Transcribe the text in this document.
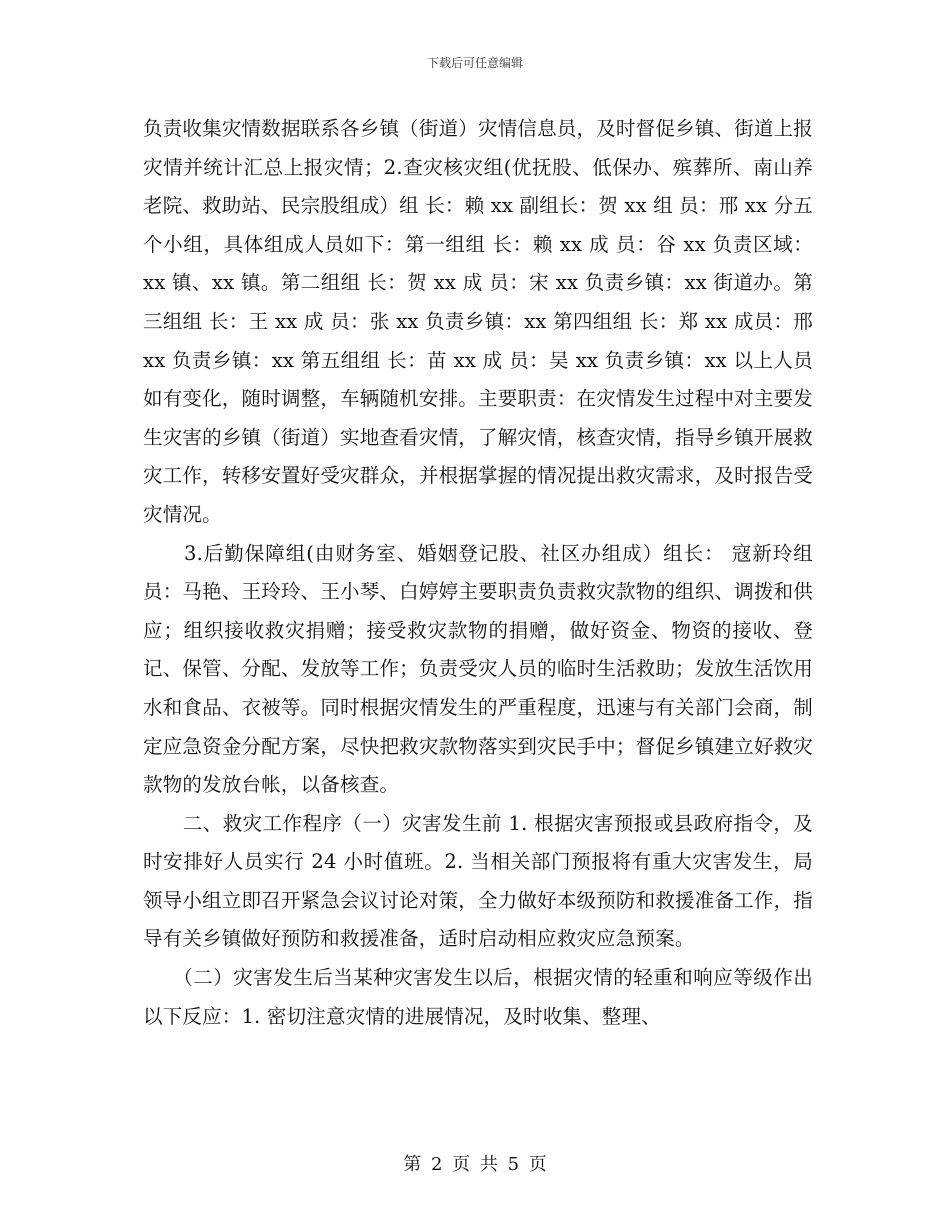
下载后可任意编辑

负责收集灾情数据联系各乡镇（街道）灾情信息员，及时督促乡镇、街道上报灾情并统计汇总上报灾情；2.查灾核灾组(优抚股、低保办、殡葬所、南山养老院、救助站、民宗股组成）组 长：赖 xx 副组长：贺 xx 组 员：邢 xx 分五个小组，具体组成人员如下：第一组组 长：赖 xx 成 员：谷 xx 负责区域：xx 镇、xx 镇。第二组组 长：贺 xx 成 员：宋 xx 负责乡镇：xx 街道办。第三组组 长：王 xx 成 员：张 xx 负责乡镇：xx 第四组组 长：郑 xx 成员：邢 xx 负责乡镇：xx 第五组组 长：苗 xx 成 员：吴 xx 负责乡镇：xx 以上人员如有变化，随时调整，车辆随机安排。主要职责：在灾情发生过程中对主要发生灾害的乡镇（街道）实地查看灾情，了解灾情，核查灾情，指导乡镇开展救灾工作，转移安置好受灾群众，并根据掌握的情况提出救灾需求，及时报告受灾情况。

　　3.后勤保障组(由财务室、婚姻登记股、社区办组成）组长： 寇新玲组员：马艳、王玲玲、王小琴、白婷婷主要职责负责救灾款物的组织、调拨和供应；组织接收救灾捐赠；接受救灾款物的捐赠，做好资金、物资的接收、登记、保管、分配、发放等工作；负责受灾人员的临时生活救助；发放生活饮用水和食品、衣被等。同时根据灾情发生的严重程度，迅速与有关部门会商，制定应急资金分配方案，尽快把救灾款物落实到灾民手中；督促乡镇建立好救灾款物的发放台帐，以备核查。

　　二、救灾工作程序（一）灾害发生前 1. 根据灾害预报或县政府指令，及时安排好人员实行 24 小时值班。2. 当相关部门预报将有重大灾害发生，局领导小组立即召开紧急会议讨论对策，全力做好本级预防和救援准备工作，指导有关乡镇做好预防和救援准备，适时启动相应救灾应急预案。

　　（二）灾害发生后当某种灾害发生以后，根据灾情的轻重和响应等级作出以下反应：1. 密切注意灾情的进展情况，及时收集、整理、

第 2 页 共 5 页
